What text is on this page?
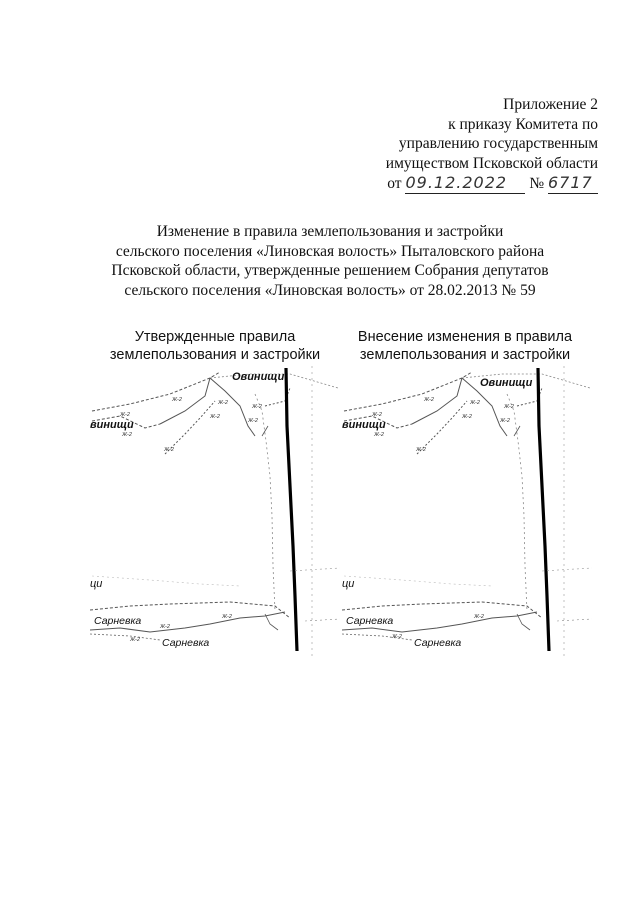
Приложение 2
к приказу Комитета по
управлению государственным
имуществом Псковской области
от 09.12.2022 № 6717
Изменение в правила землепользования и застройки
сельского поселения «Линовская волость» Пыталовского района
Псковской области, утвержденные решением Собрания депутатов
сельского поселения «Линовская волость» от 28.02.2013 № 59
Утвержденные правила
землепользования и застройки
Внесение изменения в правила
землепользования и застройки
Овинищи
винищи
ци
Сарневка
Сарневка
Ж-2
Ж-2	Ж-2
Ж-2
Ж-2
Ж-2
Ж-2
Ж-2
Ж-2
Ж-2
Ж-2
Овинищи
винищи
ци
Сарневка
Сарневка
Ж-2
Ж-2	Ж-2
Ж-2
Ж-2
Ж-2
Ж-2
Ж-2
Ж-2
Ж-2
